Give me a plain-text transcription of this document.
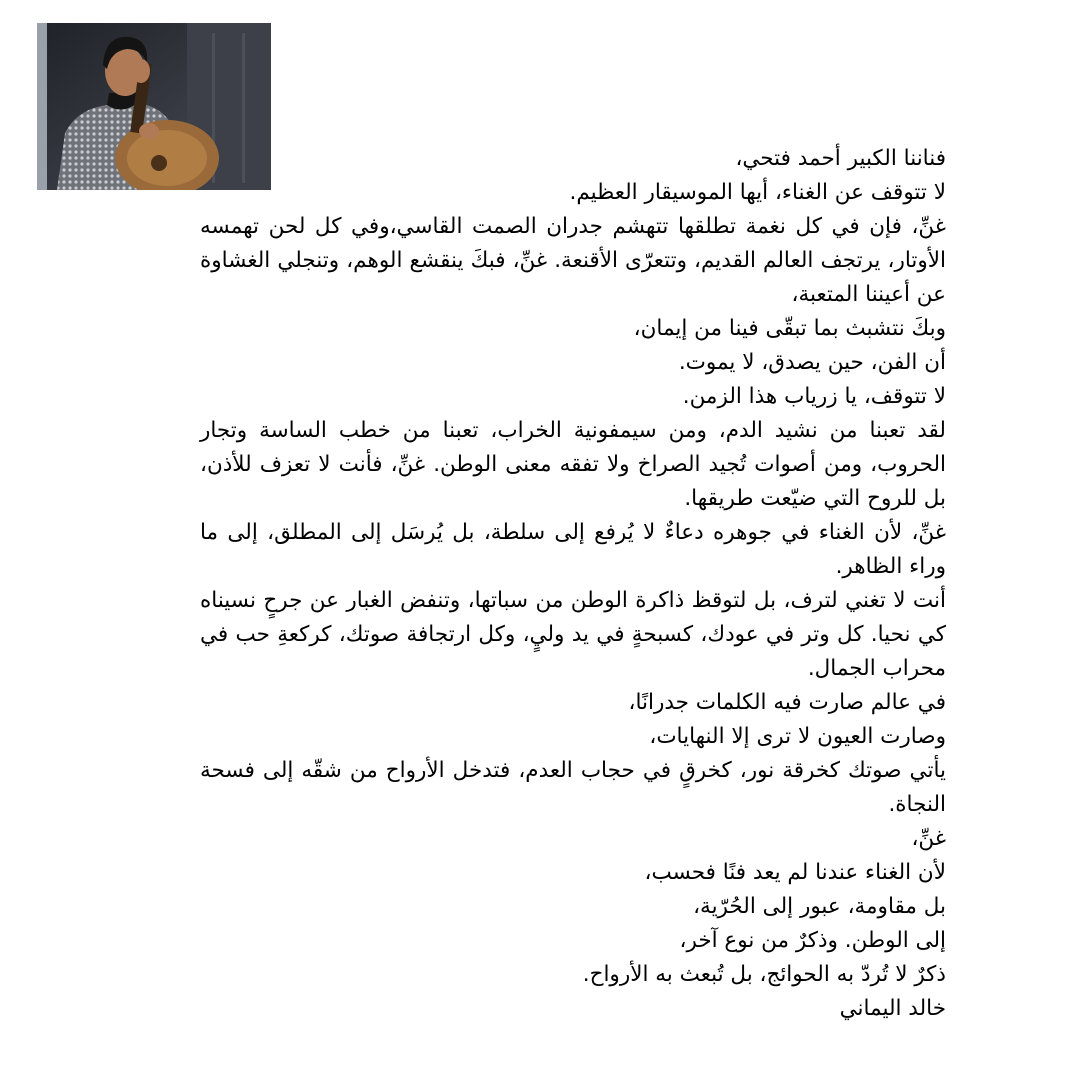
فناننا الكبير أحمد فتحي،

لا تتوقف عن الغناء، أيها الموسيقار العظيم.

غنِّ، فإن في كل نغمة تطلقها تتهشم جدران الصمت القاسي،وفي كل لحن تهمسه الأوتار، يرتجف العالم القديم، وتتعرّى الأقنعة. غنِّ، فبكَ ينقشع الوهم، وتنجلي الغشاوة عن أعيننا المتعبة،

وبكَ نتشبث بما تبقّى فينا من إيمان،

أن الفن، حين يصدق، لا يموت.

لا تتوقف، يا زرياب هذا الزمن.

لقد تعبنا من نشيد الدم، ومن سيمفونية الخراب، تعبنا من خطب الساسة وتجار الحروب، ومن أصوات تُجيد الصراخ ولا تفقه معنى الوطن. غنِّ، فأنت لا تعزف للأذن، بل للروح التي ضيّعت طريقها.

غنِّ، لأن الغناء في جوهره دعاءٌ لا يُرفع إلى سلطة، بل يُرسَل إلى المطلق، إلى ما وراء الظاهر.

أنت لا تغني لترف، بل لتوقظ ذاكرة الوطن من سباتها، وتنفض الغبار عن جرحٍ نسيناه كي نحيا. كل وتر في عودك، كسبحةٍ في يد وليٍ، وكل ارتجافة صوتك، كركعةِ حب في محراب الجمال.

في عالم صارت فيه الكلمات جدرانًا،

وصارت العيون لا ترى إلا النهايات،

يأتي صوتك كخرقة نور، كخرقٍ في حجاب العدم، فتدخل الأرواح من شقّه إلى فسحة النجاة.

غنِّ،

لأن الغناء عندنا لم يعد فنًا فحسب،

بل مقاومة، عبور إلى الحُرّية،

إلى الوطن. وذكرٌ من نوع آخر،

ذكرٌ لا تُردّ به الحوائج، بل تُبعث به الأرواح.

خالد اليماني
